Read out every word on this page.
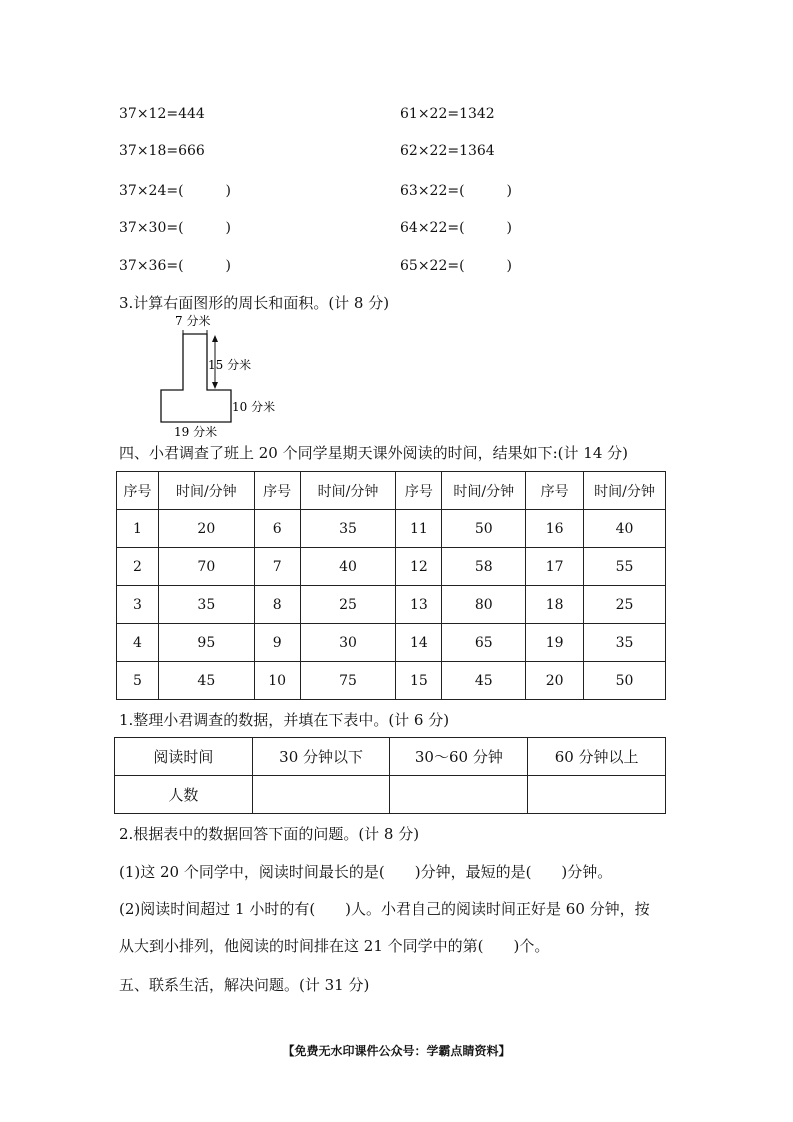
37×12=444
37×18=666
37×24=(　　　)
37×30=(　　　)
37×36=(　　　)
61×22=1342
62×22=1364
63×22=(　　　)
64×22=(　　　)
65×22=(　　　)
3.计算右面图形的周长和面积。(计 8 分)
7 分米
15 分米
10 分米
19 分米
四、小君调查了班上 20 个同学星期天课外阅读的时间，结果如下:(计 14 分)
序号	时间/分钟	序号	时间/分钟	序号	时间/分钟	序号	时间/分钟
1	20	6	35	11	50	16	40
2	70	7	40	12	58	17	55
3	35	8	25	13	80	18	25
4	95	9	30	14	65	19	35
5	45	10	75	15	45	20	50
1.整理小君调查的数据，并填在下表中。(计 6 分)
阅读时间	30 分钟以下	30～60 分钟	60 分钟以上
人数			
2.根据表中的数据回答下面的问题。(计 8 分)
(1)这 20 个同学中，阅读时间最长的是(　　)分钟，最短的是(　　)分钟。
(2)阅读时间超过 1 小时的有(　　)人。小君自己的阅读时间正好是 60 分钟，按
从大到小排列，他阅读的时间排在这 21 个同学中的第(　　)个。
五、联系生活，解决问题。(计 31 分)
【免费无水印课件公众号：学霸点睛资料】
